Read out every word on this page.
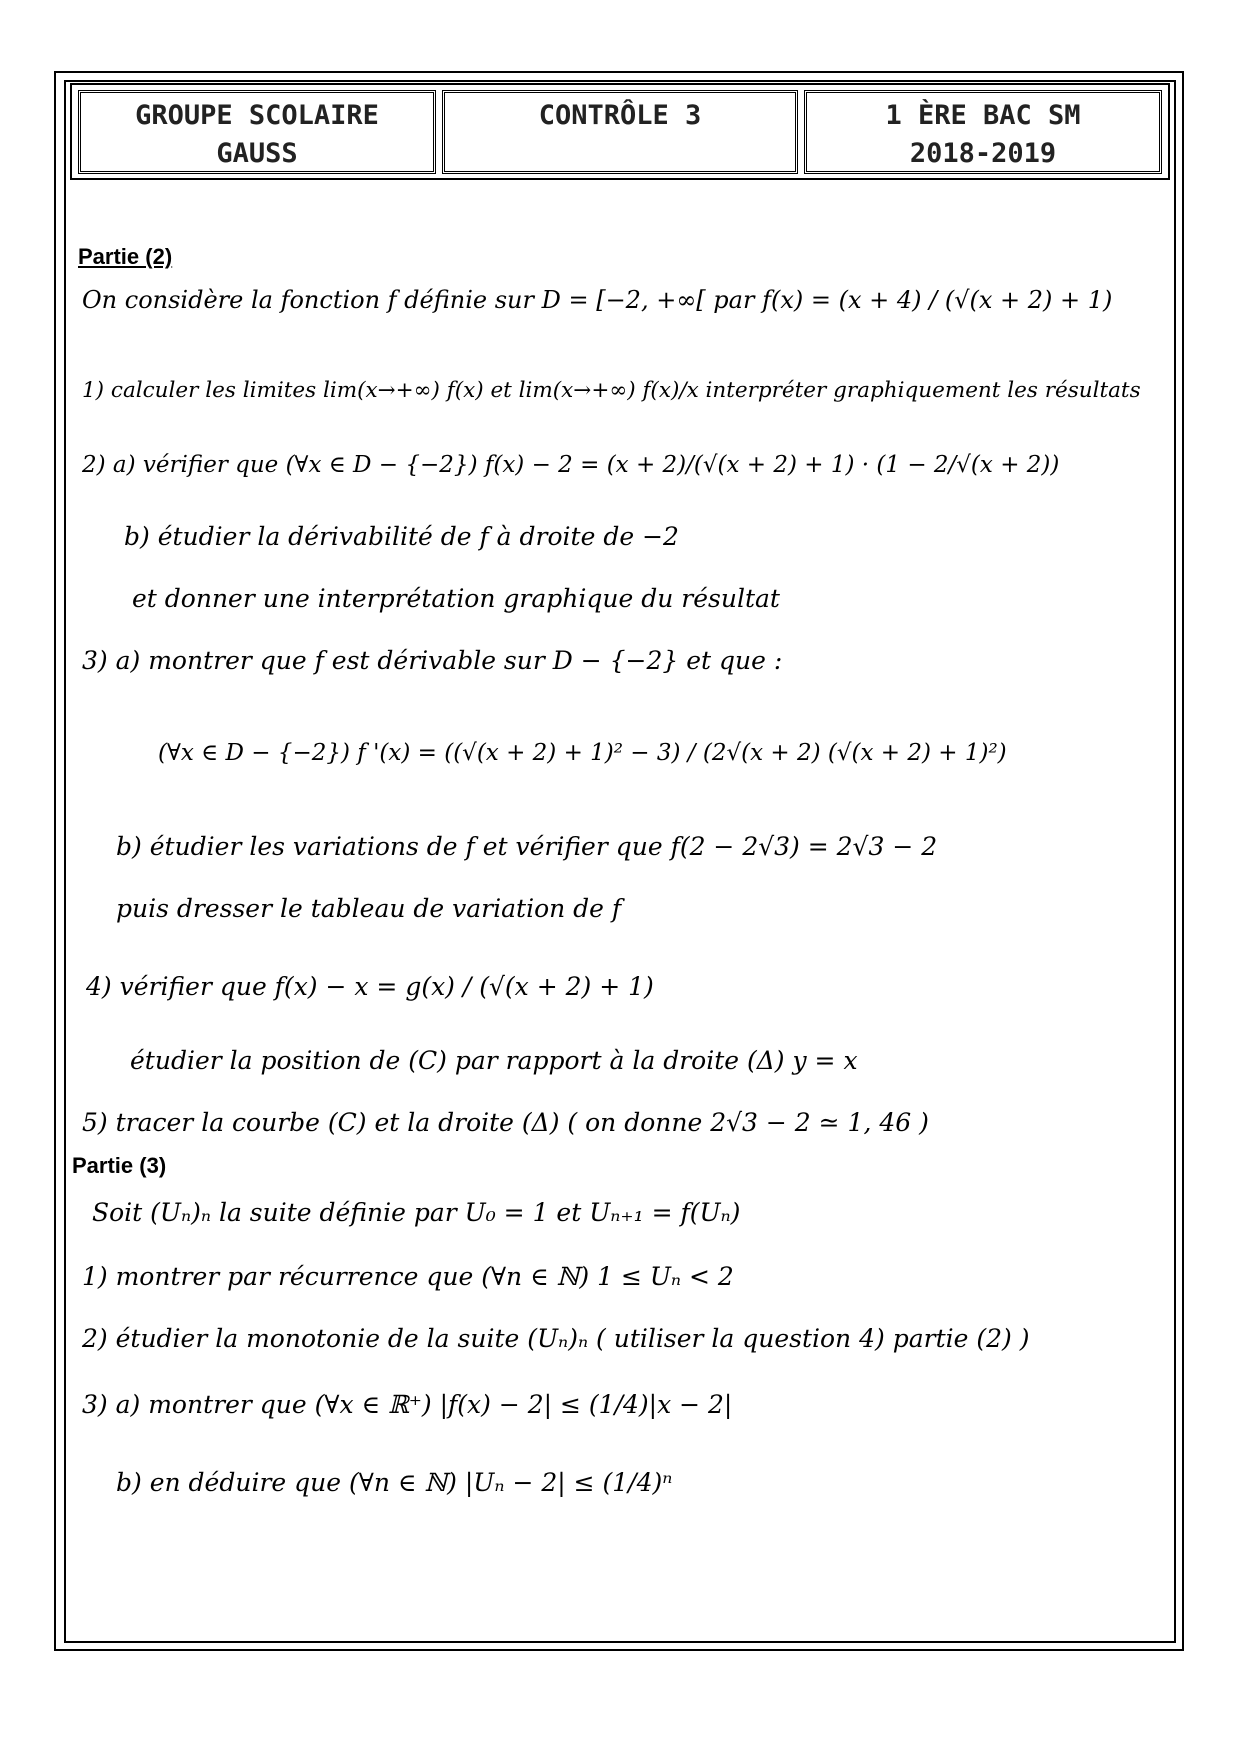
GROUPE SCOLAIRE
GAUSS
CONTRÔLE 3	1 ÈRE BAC SM
2018-2019
Partie (2)
On considère la fonction f définie sur D = [−2, +∞[ par f(x) = (x + 4) / (√(x + 2) + 1)
1) calculer les limites lim(x→+∞) f(x) et lim(x→+∞) f(x)/x interpréter graphiquement les résultats
2) a) vérifier que (∀x ∈ D − {−2}) f(x) − 2 = (x + 2)/(√(x + 2) + 1) · (1 − 2/√(x + 2))
b) étudier la dérivabilité de f à droite de −2
et donner une interprétation graphique du résultat
3) a) montrer que f est dérivable sur D − {−2} et que :
(∀x ∈ D − {−2}) f '(x) = ((√(x + 2) + 1)² − 3) / (2√(x + 2) (√(x + 2) + 1)²)
b) étudier les variations de f et vérifier que f(2 − 2√3) = 2√3 − 2
puis dresser le tableau de variation de f
4) vérifier que f(x) − x = g(x) / (√(x + 2) + 1)
étudier la position de (C) par rapport à la droite (Δ) y = x
5) tracer la courbe (C) et la droite (Δ) ( on donne 2√3 − 2 ≃ 1, 46 )
Partie (3)
Soit (Uₙ)ₙ la suite définie par U₀ = 1 et Uₙ₊₁ = f(Uₙ)
1) montrer par récurrence que (∀n ∈ ℕ) 1 ≤ Uₙ < 2
2) étudier la monotonie de la suite (Uₙ)ₙ ( utiliser la question 4) partie (2) )
3) a) montrer que (∀x ∈ ℝ⁺) |f(x) − 2| ≤ (1/4)|x − 2|
b) en déduire que (∀n ∈ ℕ) |Uₙ − 2| ≤ (1/4)ⁿ
